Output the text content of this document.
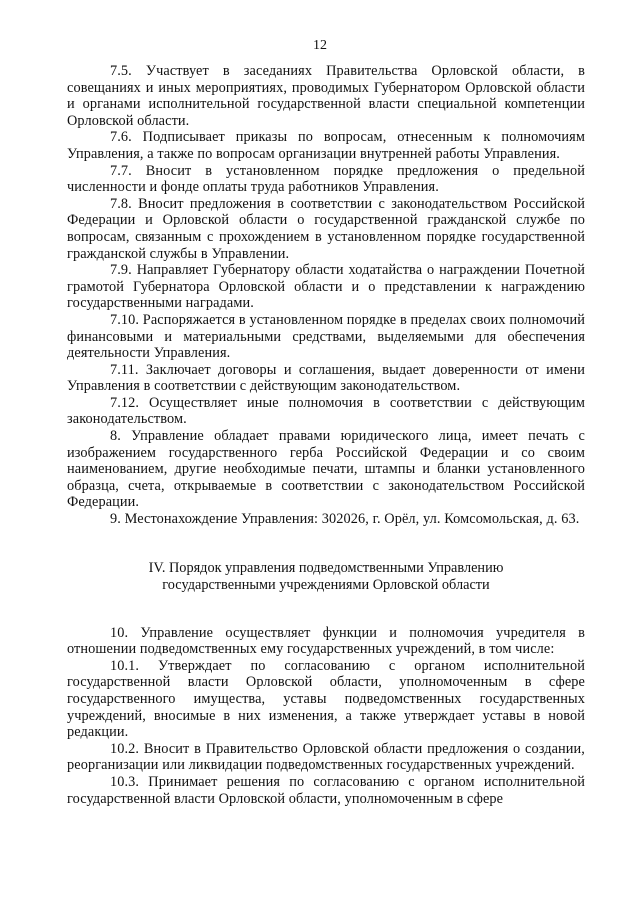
12

7.5. Участвует в заседаниях Правительства Орловской области, в совещаниях и иных мероприятиях, проводимых Губернатором Орловской области и органами исполнительной государственной власти специальной компетенции Орловской области.

7.6. Подписывает приказы по вопросам, отнесенным к полномочиям Управления, а также по вопросам организации внутренней работы Управления.

7.7. Вносит в установленном порядке предложения о предельной численности и фонде оплаты труда работников Управления.

7.8. Вносит предложения в соответствии с законодательством Российской Федерации и Орловской области о государственной гражданской службе по вопросам, связанным с прохождением в установленном порядке государственной гражданской службы в Управлении.

7.9. Направляет Губернатору области ходатайства о награждении Почетной грамотой Губернатора Орловской области и о представлении к награждению государственными наградами.

7.10. Распоряжается в установленном порядке в пределах своих полномочий финансовыми и материальными средствами, выделяемыми для обеспечения деятельности Управления.

7.11. Заключает договоры и соглашения, выдает доверенности от имени Управления в соответствии с действующим законодательством.

7.12. Осуществляет иные полномочия в соответствии с действующим законодательством.

8. Управление обладает правами юридического лица, имеет печать с изображением государственного герба Российской Федерации и со своим наименованием, другие необходимые печати, штампы и бланки установленного образца, счета, открываемые в соответствии с законодательством Российской Федерации.

9. Местонахождение Управления: 302026, г. Орёл, ул. Комсомольская, д. 63.

IV. Порядок управления подведомственными Управлению
государственными учреждениями Орловской области

10. Управление осуществляет функции и полномочия учредителя в отношении подведомственных ему государственных учреждений, в том числе:

10.1. Утверждает по согласованию с органом исполнительной государственной власти Орловской области, уполномоченным в сфере государственного имущества, уставы подведомственных государственных учреждений, вносимые в них изменения, а также утверждает уставы в новой редакции.

10.2. Вносит в Правительство Орловской области предложения о создании, реорганизации или ликвидации подведомственных государственных учреждений.

10.3. Принимает решения по согласованию с органом исполнительной государственной власти Орловской области, уполномоченным в сфере
